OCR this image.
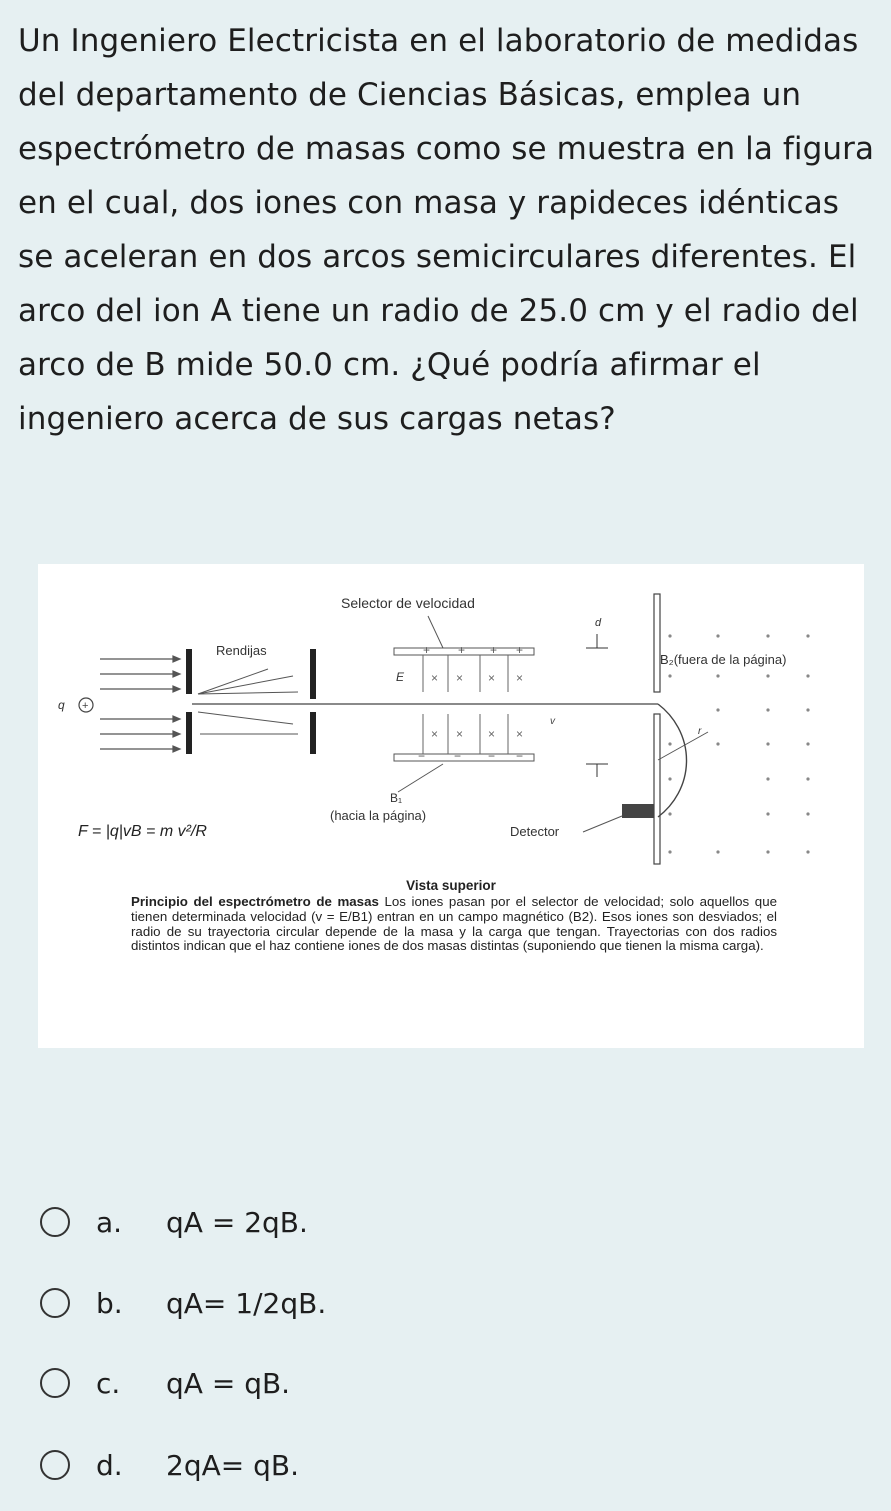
Un Ingeniero Electricista en el laboratorio de medidas del departamento de Ciencias Básicas, emplea un espectrómetro de masas como se muestra en la figura en el cual, dos iones con masa y rapideces idénticas se aceleran en dos arcos semicirculares diferentes. El arco del ion A tiene un radio de 25.0 cm y el radio del arco de B mide 50.0 cm. ¿Qué podría afirmar el ingeniero acerca de sus cargas netas?

q +
Rendijas
Selector de velocidad
+ + + +
− − − −
× × × ×
× × × ×
E
v
d
B₁
(hacia la página)
B₂(fuera de la página)
r
Detector
F = |q|vB = m v²/R
Vista superior
Principio del espectrómetro de masas Los iones pasan por el selector de velocidad; solo aquellos que tienen determinada velocidad (v = E/B1) entran en un campo magnético (B2). Esos iones son desviados; el radio de su trayectoria circular depende de la masa y la carga que tengan. Trayectorias con dos radios distintos indican que el haz contiene iones de dos masas distintas (suponiendo que tienen la misma carga).
a. qA = 2qB.
b. qA= 1/2qB.
c. qA = qB.
d. 2qA= qB.
